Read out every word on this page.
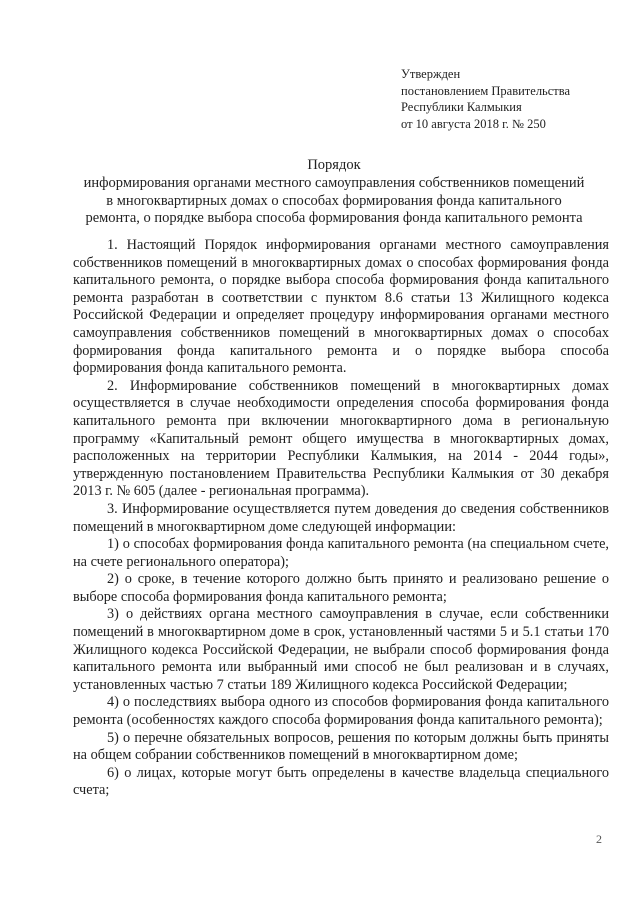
Утвержден
постановлением Правительства
Республики Калмыкия
от 10 августа 2018 г. № 250
Порядок
информирования органами местного самоуправления собственников помещений
в многоквартирных домах о способах формирования фонда капитального
ремонта, о порядке выбора способа формирования фонда капитального ремонта

1. Настоящий Порядок информирования органами местного самоуправления собственников помещений в многоквартирных домах о способах формирования фонда капитального ремонта, о порядке выбора способа формирования фонда капитального ремонта разработан в соответствии с пунктом 8.6 статьи 13 Жилищного кодекса Российской Федерации и определяет процедуру информирования органами местного самоуправления собственников помещений в многоквартирных домах о способах формирования фонда капитального ремонта и о порядке выбора способа формирования фонда капитального ремонта.

2. Информирование собственников помещений в многоквартирных домах осуществляется в случае необходимости определения способа формирования фонда капитального ремонта при включении многоквартирного дома в региональную программу «Капитальный ремонт общего имущества в многоквартирных домах, расположенных на территории Республики Калмыкия, на 2014 - 2044 годы», утвержденную постановлением Правительства Республики Калмыкия от 30 декабря 2013 г. № 605 (далее - региональная программа).

3. Информирование осуществляется путем доведения до сведения собственников помещений в многоквартирном доме следующей информации:

1) о способах формирования фонда капитального ремонта (на специальном счете, на счете регионального оператора);

2) о сроке, в течение которого должно быть принято и реализовано решение о выборе способа формирования фонда капитального ремонта;

3) о действиях органа местного самоуправления в случае, если собственники помещений в многоквартирном доме в срок, установленный частями 5 и 5.1 статьи 170 Жилищного кодекса Российской Федерации, не выбрали способ формирования фонда капитального ремонта или выбранный ими способ не был реализован и в случаях, установленных частью 7 статьи 189 Жилищного кодекса Российской Федерации;

4) о последствиях выбора одного из способов формирования фонда капитального ремонта (особенностях каждого способа формирования фонда капитального ремонта);

5) о перечне обязательных вопросов, решения по которым должны быть приняты на общем собрании собственников помещений в многоквартирном доме;

6) о лицах, которые могут быть определены в качестве владельца специального счета;

2
